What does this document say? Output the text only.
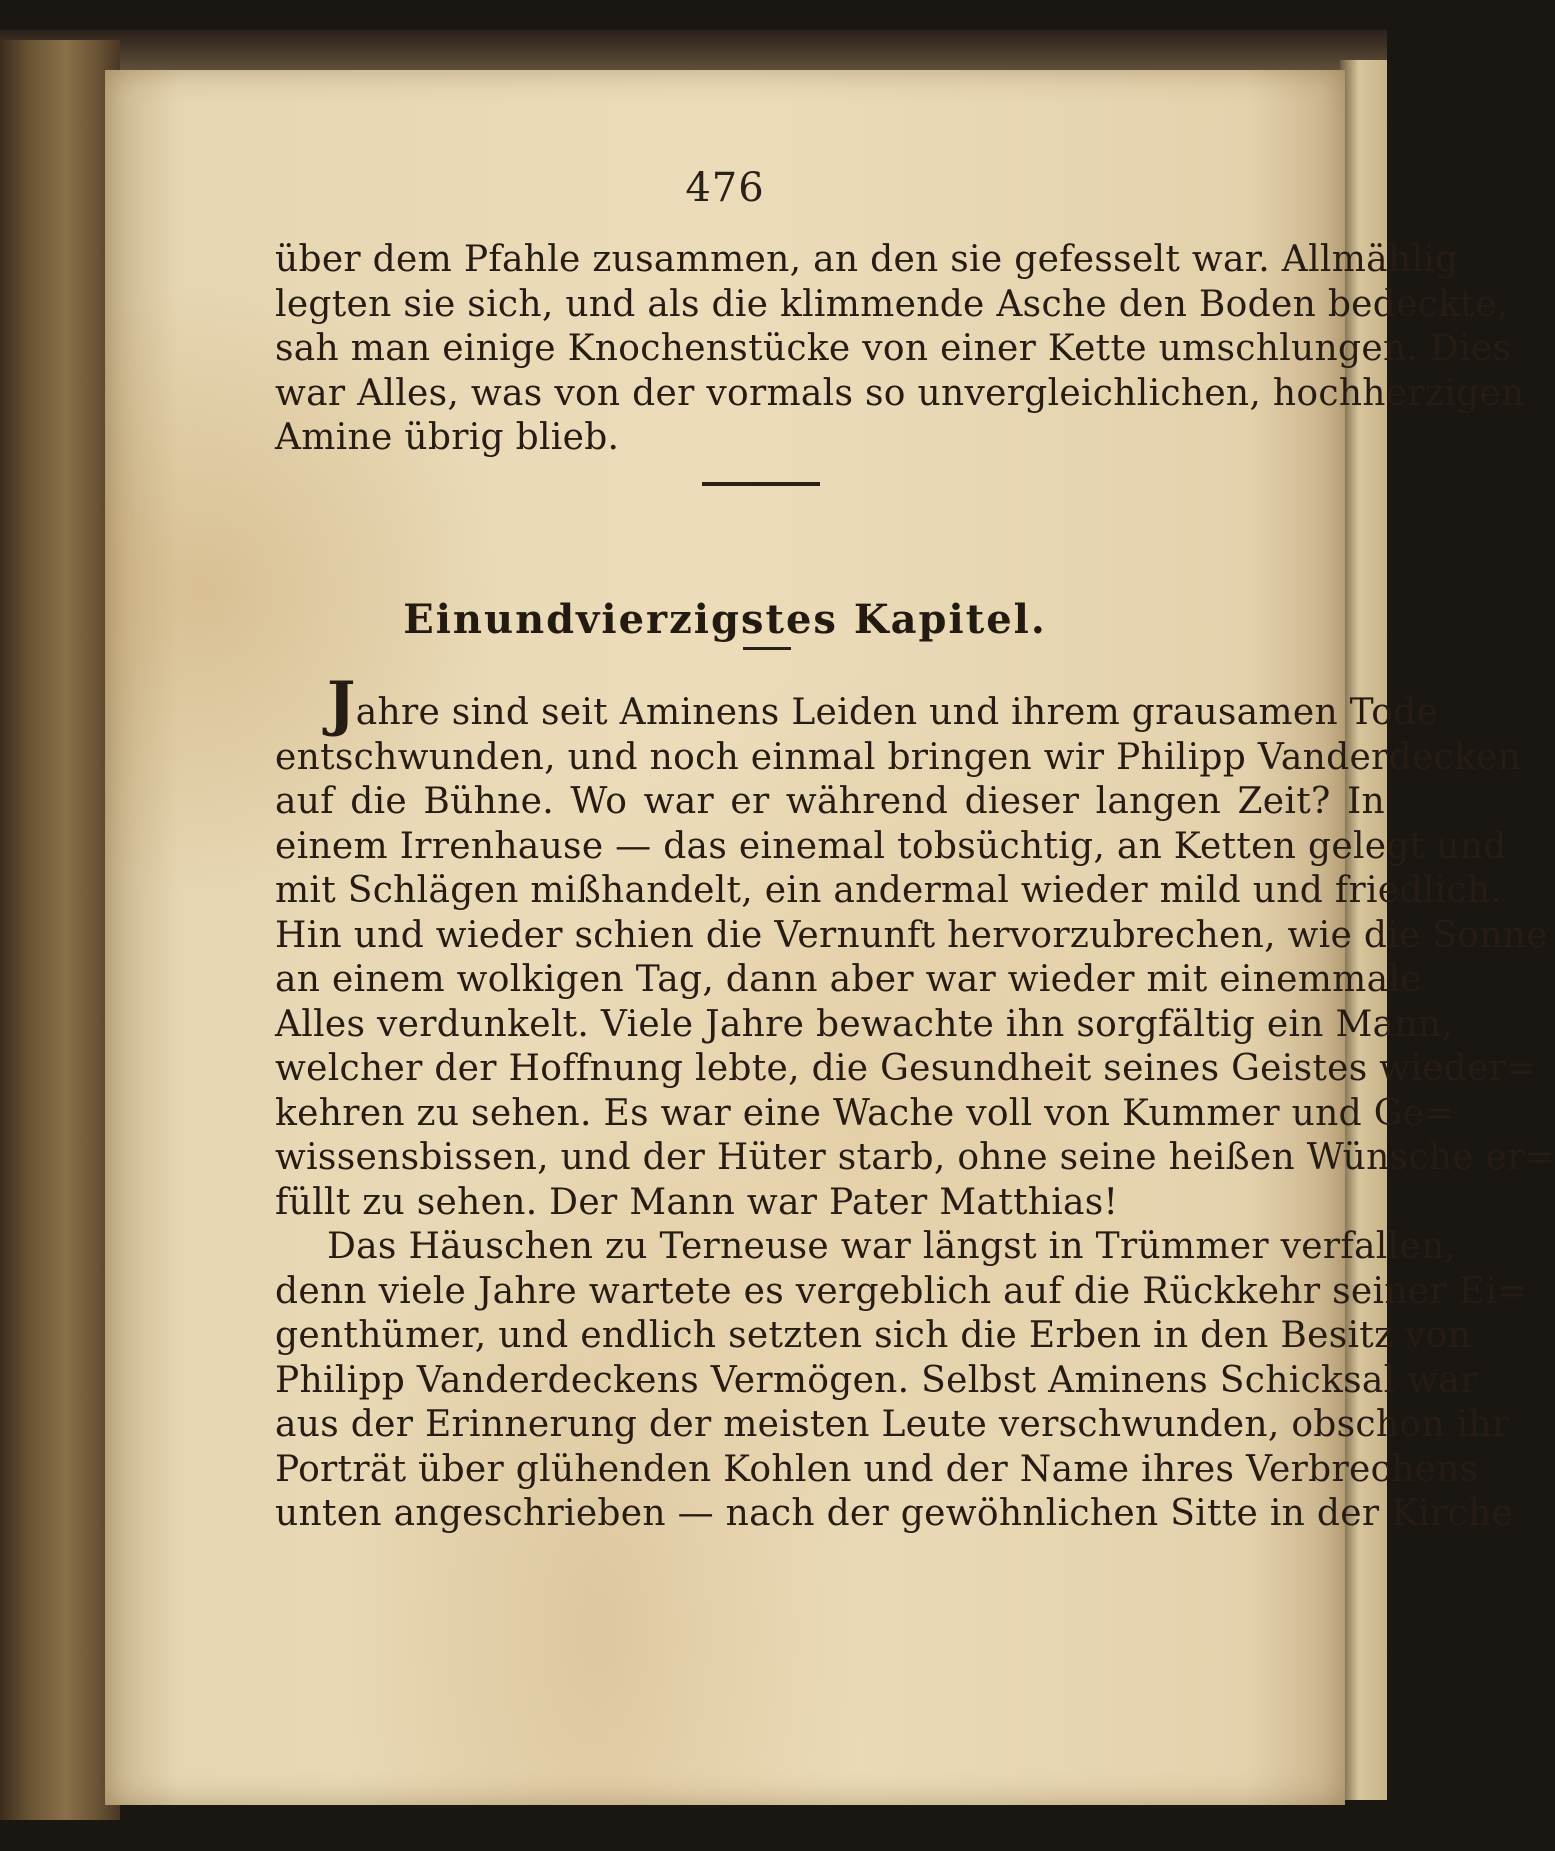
476
über dem Pfahle zusammen, an den sie gefesselt war. Allmählig
legten sie sich, und als die klimmende Asche den Boden bedeckte,
sah man einige Knochenstücke von einer Kette umschlungen. Dies
war Alles, was von der vormals so unvergleichlichen, hochherzigen
Amine übrig blieb.
Einundvierzigstes Kapitel.
Jahre sind seit Aminens Leiden und ihrem grausamen Tode
entschwunden, und noch einmal bringen wir Philipp Vanderdecken
auf die Bühne. Wo war er während dieser langen Zeit? In
einem Irrenhause — das einemal tobsüchtig, an Ketten gelegt und
mit Schlägen mißhandelt, ein andermal wieder mild und friedlich.
Hin und wieder schien die Vernunft hervorzubrechen, wie die Sonne
an einem wolkigen Tag, dann aber war wieder mit einemmale
Alles verdunkelt. Viele Jahre bewachte ihn sorgfältig ein Mann,
welcher der Hoffnung lebte, die Gesundheit seines Geistes wieder=
kehren zu sehen. Es war eine Wache voll von Kummer und Ge=
wissensbissen, und der Hüter starb, ohne seine heißen Wünsche er=
füllt zu sehen. Der Mann war Pater Matthias!
Das Häuschen zu Terneuse war längst in Trümmer verfallen,
denn viele Jahre wartete es vergeblich auf die Rückkehr seiner Ei=
genthümer, und endlich setzten sich die Erben in den Besitz von
Philipp Vanderdeckens Vermögen. Selbst Aminens Schicksal war
aus der Erinnerung der meisten Leute verschwunden, obschon ihr
Porträt über glühenden Kohlen und der Name ihres Verbrechens
unten angeschrieben — nach der gewöhnlichen Sitte in der Kirche
